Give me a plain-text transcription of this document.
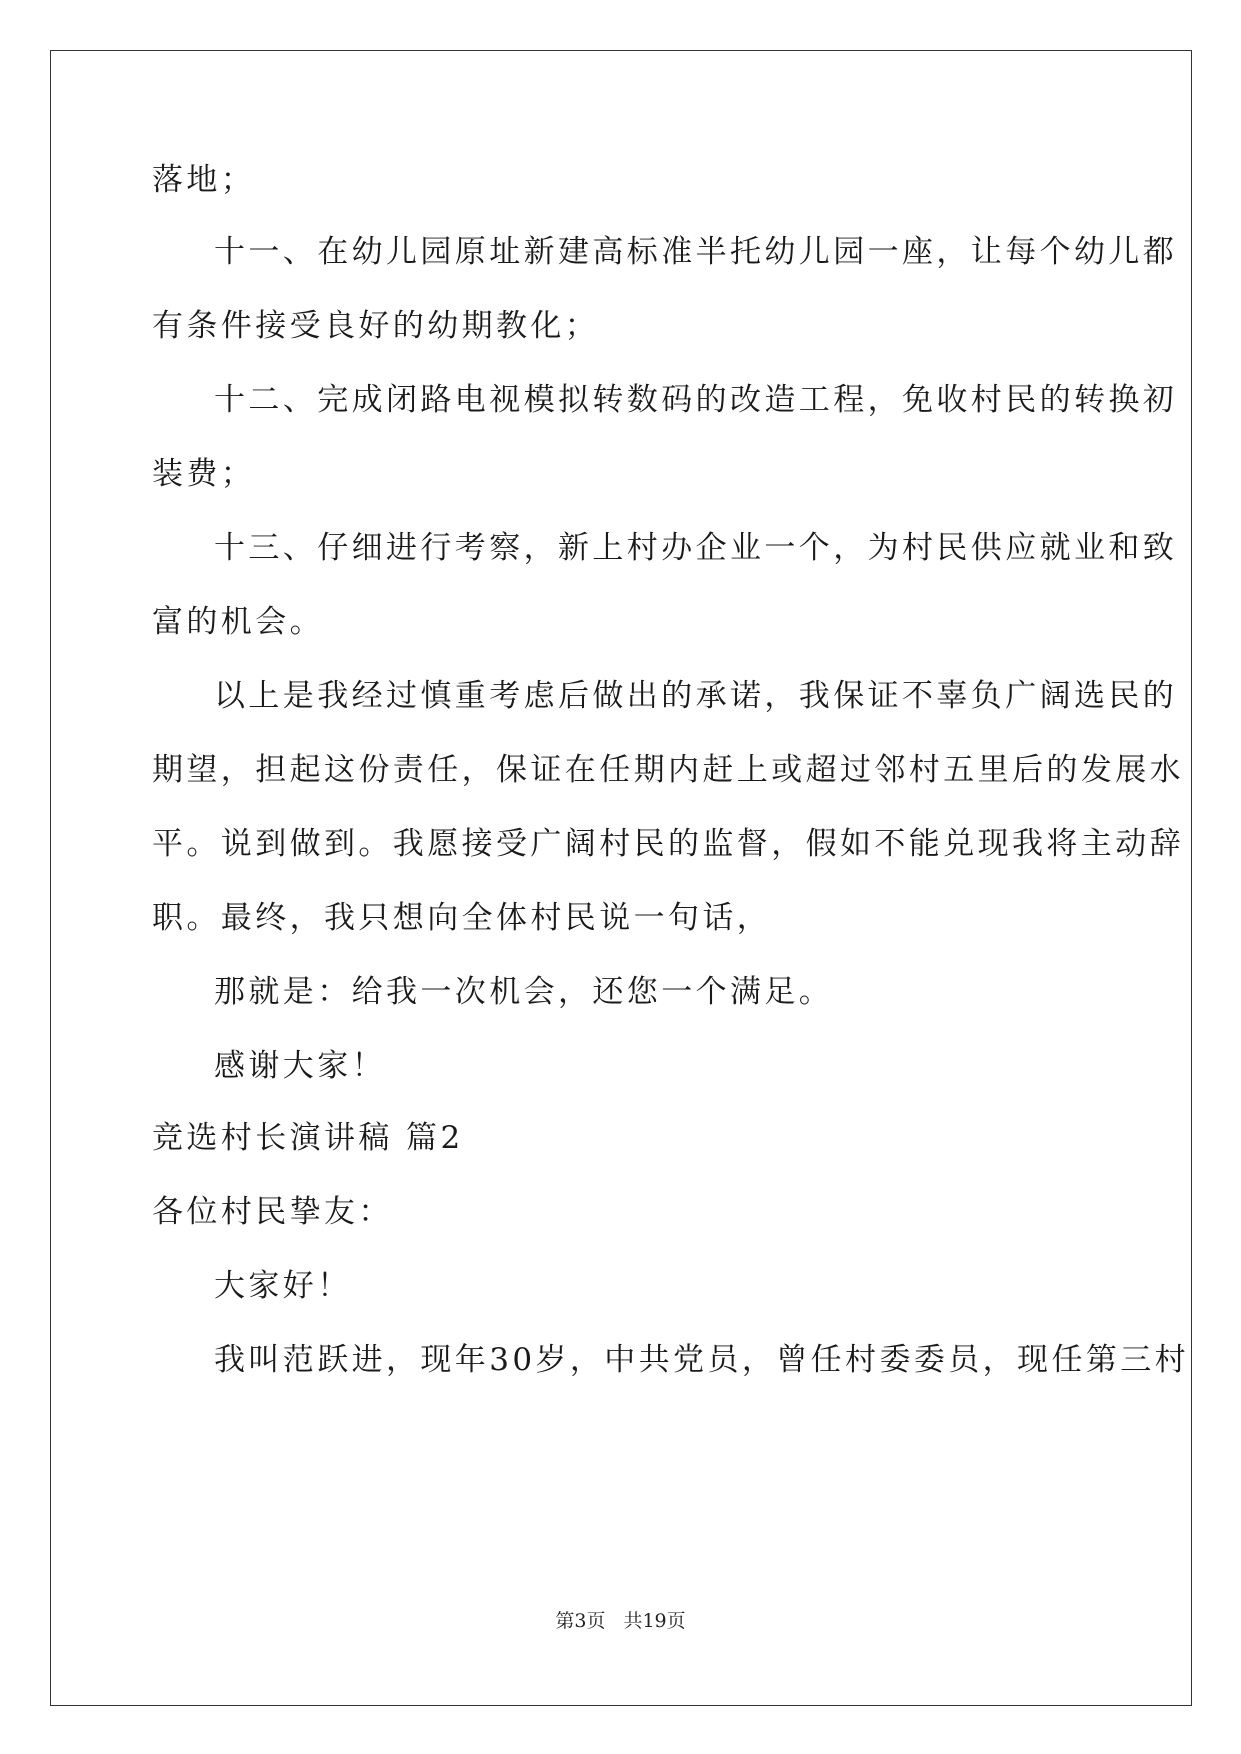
落地；
十一、在幼儿园原址新建高标准半托幼儿园一座，让每个幼儿都
有条件接受良好的幼期教化；
十二、完成闭路电视模拟转数码的改造工程，免收村民的转换初
装费；
十三、仔细进行考察，新上村办企业一个，为村民供应就业和致
富的机会。
以上是我经过慎重考虑后做出的承诺，我保证不辜负广阔选民的
期望，担起这份责任，保证在任期内赶上或超过邻村五里后的发展水
平。说到做到。我愿接受广阔村民的监督，假如不能兑现我将主动辞
职。最终，我只想向全体村民说一句话，
那就是：给我一次机会，还您一个满足。
感谢大家！
竞选村长演讲稿 篇2
各位村民挚友：
大家好！
我叫范跃进，现年30岁，中共党员，曾任村委委员，现任第三村
第3页 共19页
